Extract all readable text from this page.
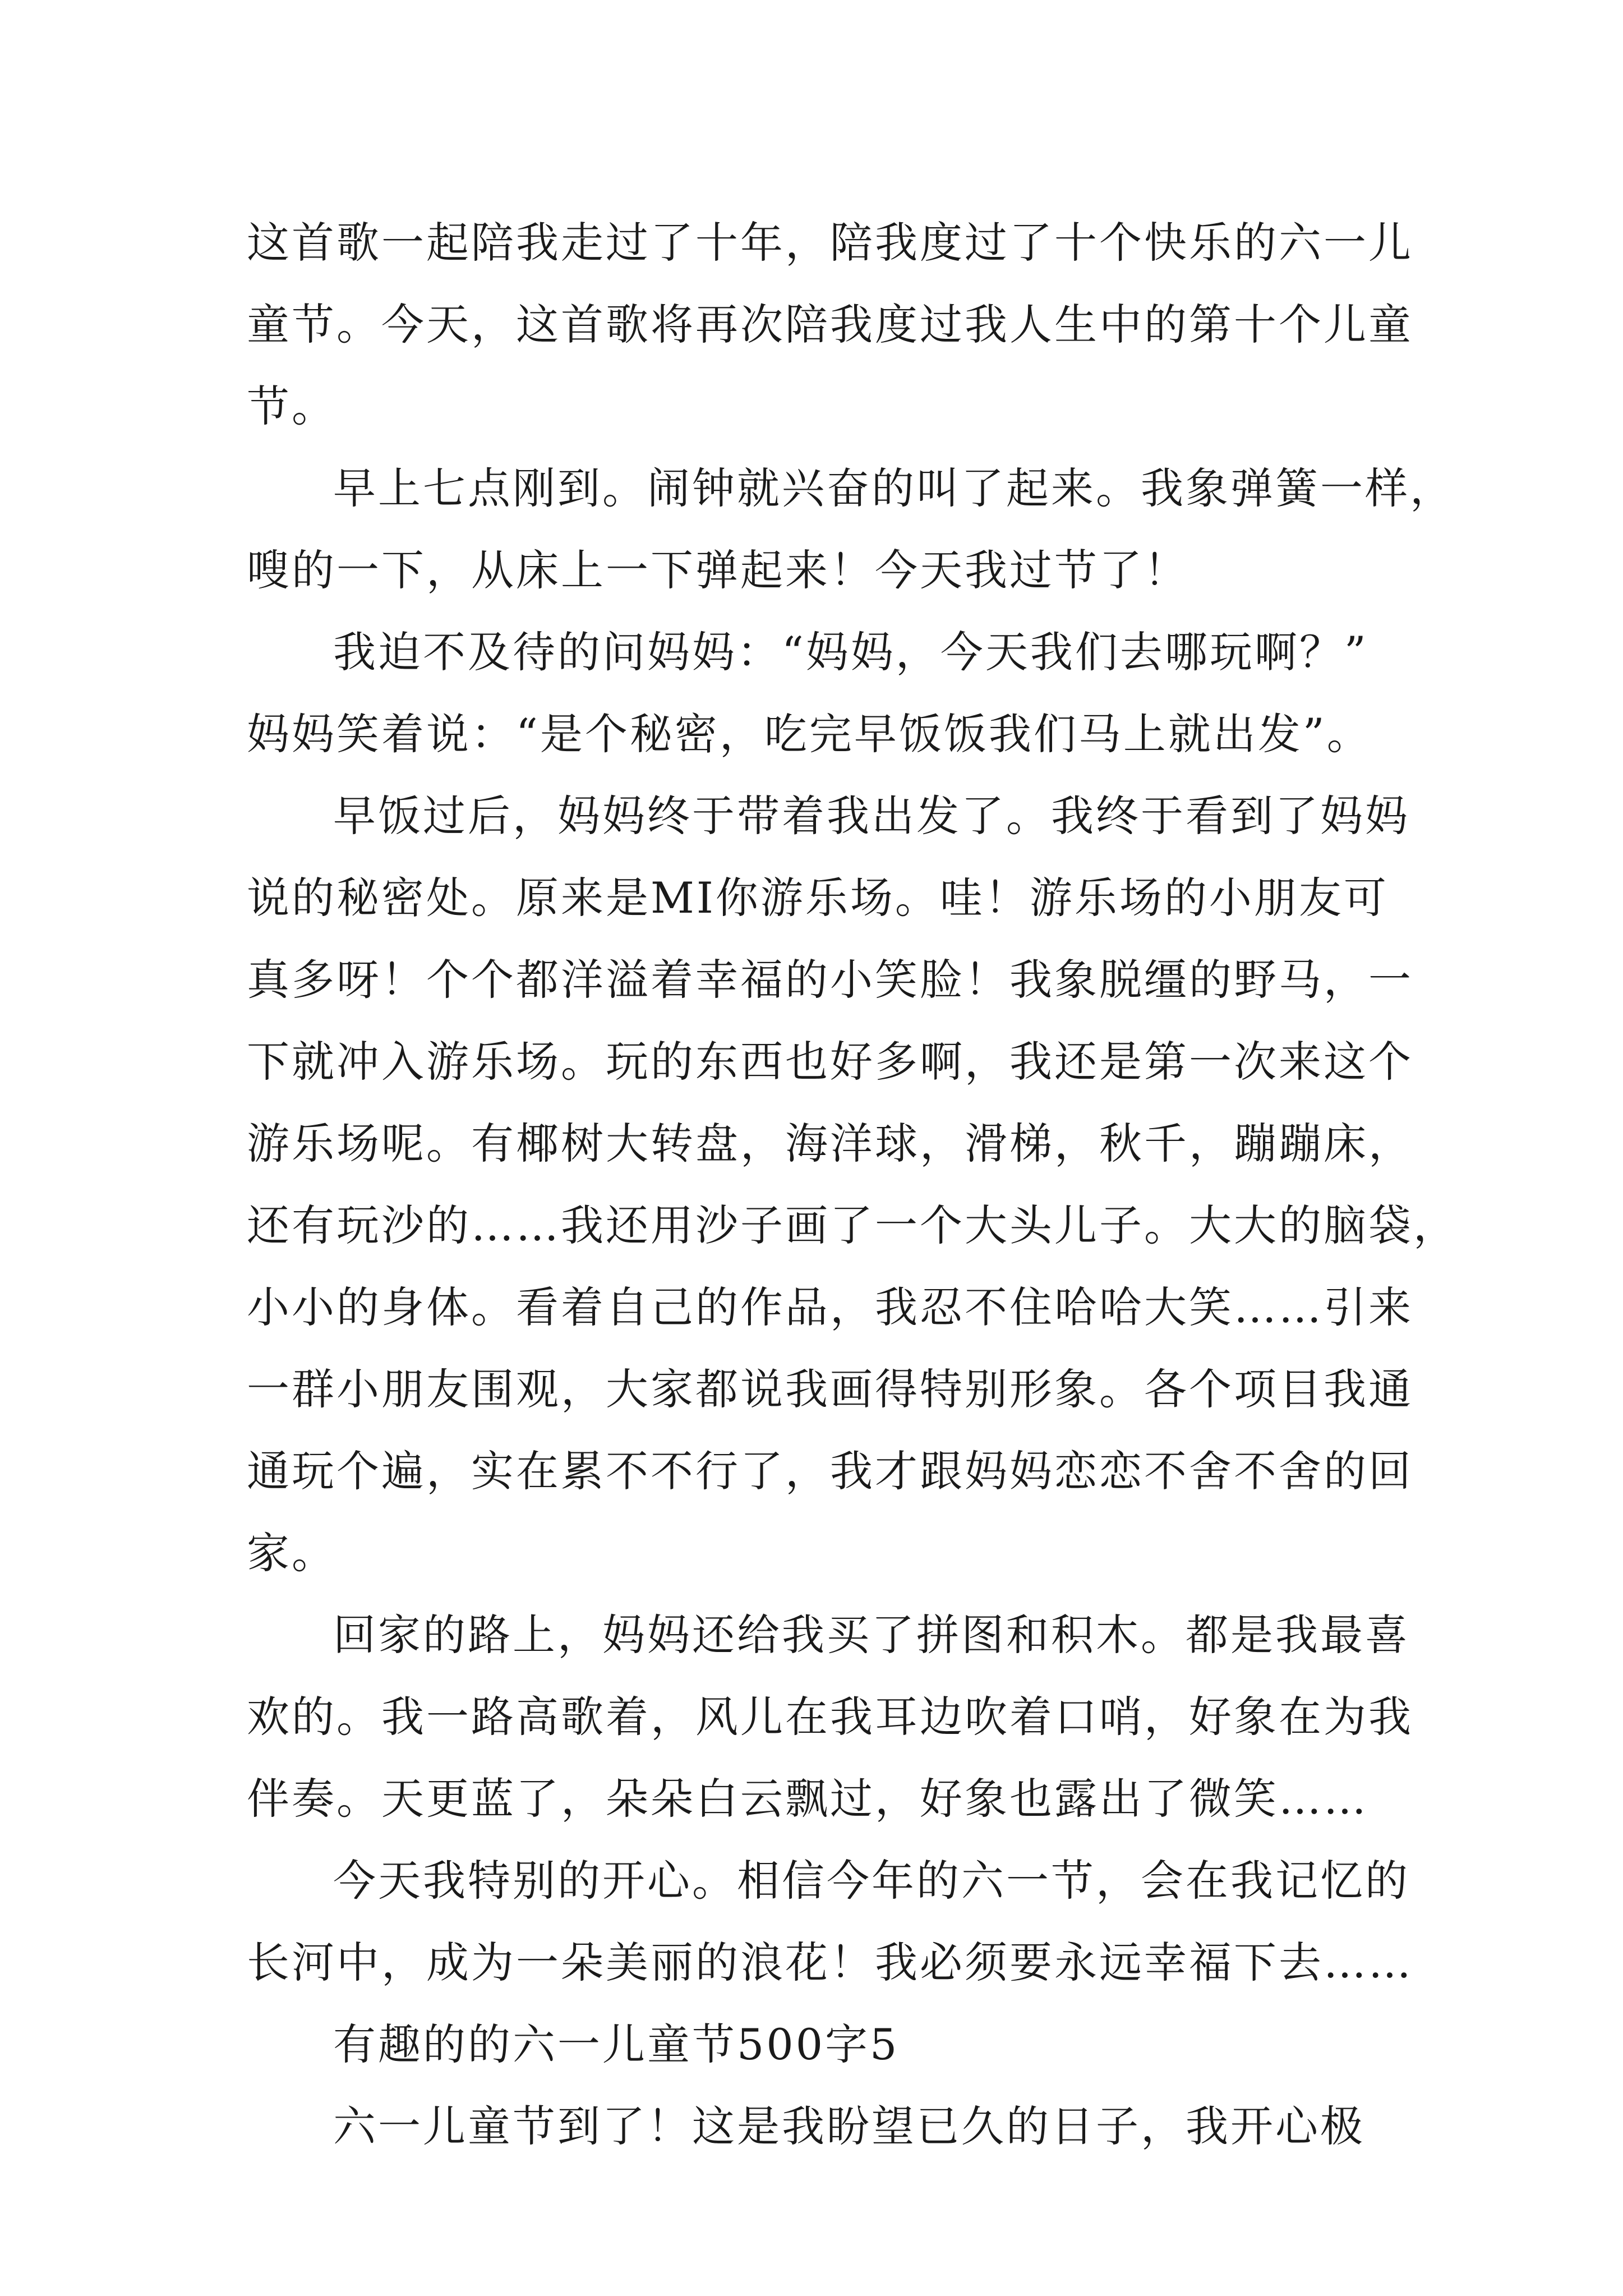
这首歌一起陪我走过了十年，陪我度过了十个快乐的六一儿
童节。今天，这首歌将再次陪我度过我人生中的第十个儿童
节。
早上七点刚到。闹钟就兴奋的叫了起来。我象弹簧一样，
嗖的一下，从床上一下弹起来！今天我过节了！
我迫不及待的问妈妈：“妈妈，今天我们去哪玩啊？”
妈妈笑着说：“是个秘密，吃完早饭饭我们马上就出发”。
早饭过后，妈妈终于带着我出发了。我终于看到了妈妈
说的秘密处。原来是MI你游乐场。哇！游乐场的小朋友可
真多呀！个个都洋溢着幸福的小笑脸！我象脱缰的野马，一
下就冲入游乐场。玩的东西也好多啊，我还是第一次来这个
游乐场呢。有椰树大转盘，海洋球，滑梯，秋千，蹦蹦床，
还有玩沙的……我还用沙子画了一个大头儿子。大大的脑袋，
小小的身体。看着自己的作品，我忍不住哈哈大笑……引来
一群小朋友围观，大家都说我画得特别形象。各个项目我通
通玩个遍，实在累不不行了，我才跟妈妈恋恋不舍不舍的回
家。
回家的路上，妈妈还给我买了拼图和积木。都是我最喜
欢的。我一路高歌着，风儿在我耳边吹着口哨，好象在为我
伴奏。天更蓝了，朵朵白云飘过，好象也露出了微笑……
今天我特别的开心。相信今年的六一节，会在我记忆的
长河中，成为一朵美丽的浪花！我必须要永远幸福下去……
有趣的的六一儿童节500字5
六一儿童节到了！这是我盼望已久的日子，我开心极
